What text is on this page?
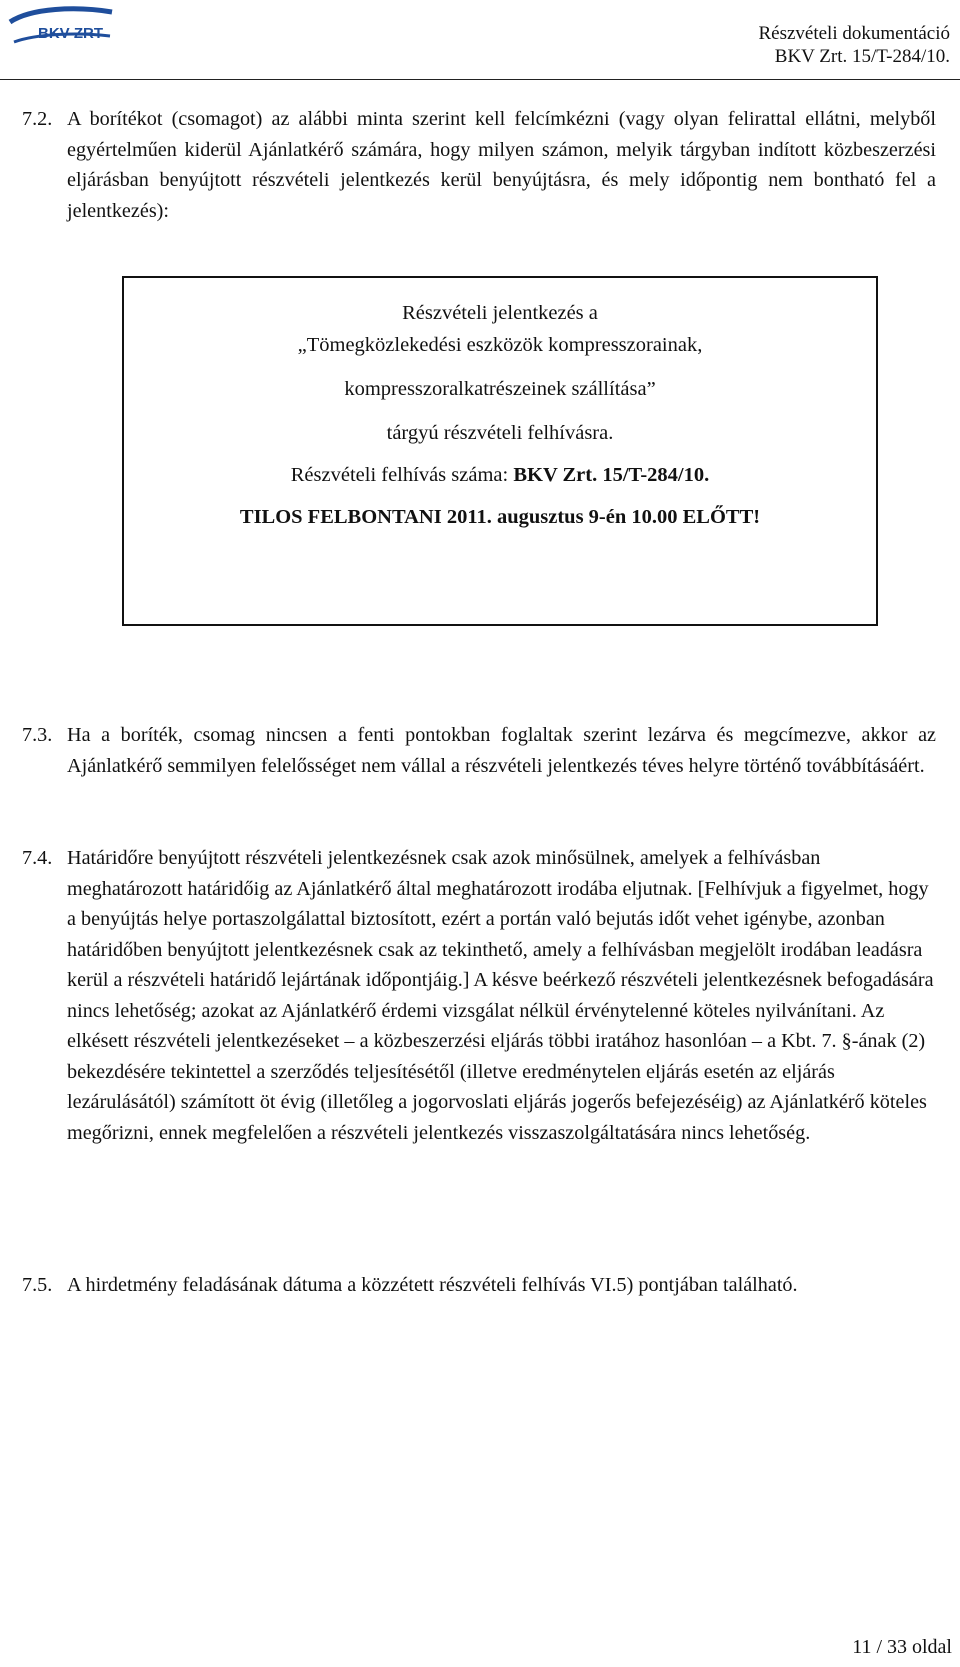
BKV ZRT	Részvételi dokumentáció
BKV Zrt. 15/T-284/10.
7.2. A borítékot (csomagot) az alábbi minta szerint kell felcímkézni (vagy olyan felirattal ellátni, melyből egyértelműen kiderül Ajánlatkérő számára, hogy milyen számon, melyik tárgyban indított közbeszerzési eljárásban benyújtott részvételi jelentkezés kerül benyújtásra, és mely időpontig nem bontható fel a jelentkezés):
Részvételi jelentkezés a
„Tömegközlekedési eszközök kompresszorainak,
kompresszoralkatrészeinek szállítása”
tárgyú részvételi felhívásra.
Részvételi felhívás száma: BKV Zrt. 15/T-284/10.
TILOS FELBONTANI 2011. augusztus 9-én 10.00 ELŐTT!
7.3. Ha a boríték, csomag nincsen a fenti pontokban foglaltak szerint lezárva és megcímezve, akkor az Ajánlatkérő semmilyen felelősséget nem vállal a részvételi jelentkezés téves helyre történő továbbításáért.
7.4. Határidőre benyújtott részvételi jelentkezésnek csak azok minősülnek, amelyek a felhívásban meghatározott határidőig az Ajánlatkérő által meghatározott irodába eljutnak. [Felhívjuk a figyelmet, hogy a benyújtás helye portaszolgálattal biztosított, ezért a portán való bejutás időt vehet igénybe, azonban határidőben benyújtott jelentkezésnek csak az tekinthető, amely a felhívásban megjelölt irodában leadásra kerül a részvételi határidő lejártának időpontjáig.] A késve beérkező részvételi jelentkezésnek befogadására nincs lehetőség; azokat az Ajánlatkérő érdemi vizsgálat nélkül érvénytelenné köteles nyilvánítani. Az elkésett részvételi jelentkezéseket – a közbeszerzési eljárás többi iratához hasonlóan – a Kbt. 7. §-ának (2) bekezdésére tekintettel a szerződés teljesítésétől (illetve eredménytelen eljárás esetén az eljárás lezárulásától) számított öt évig (illetőleg a jogorvoslati eljárás jogerős befejezéséig) az Ajánlatkérő köteles megőrizni, ennek megfelelően a részvételi jelentkezés visszaszolgáltatására nincs lehetőség.
7.5. A hirdetmény feladásának dátuma a közzétett részvételi felhívás VI.5) pontjában található.
11 / 33 oldal
